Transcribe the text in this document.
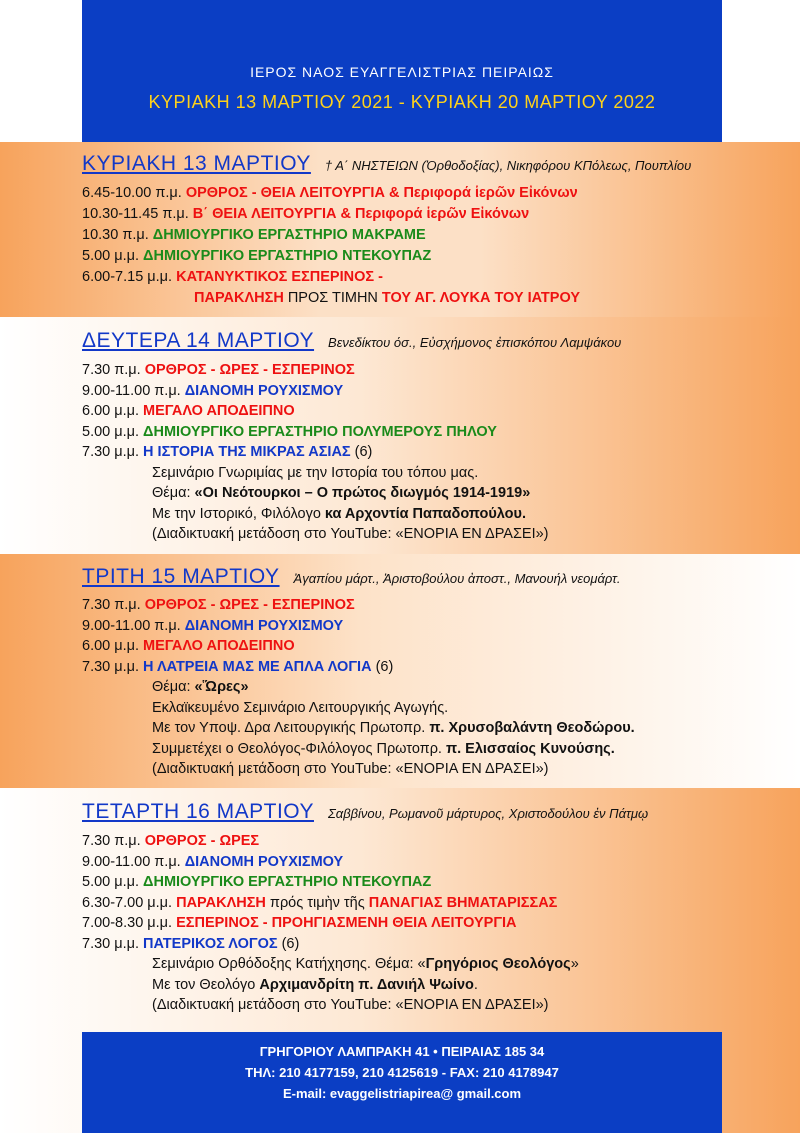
ΙΕΡΟΣ ΝΑΟΣ ΕΥΑΓΓΕΛΙΣΤΡΙΑΣ ΠΕΙΡΑΙΩΣ
ΚΥΡΙΑΚΗ 13 ΜΑΡΤΙΟΥ 2021 - ΚΥΡΙΑΚΗ 20 ΜΑΡΤΙΟΥ 2022
ΚΥΡΙΑΚΗ 13 ΜΑΡΤΙΟΥ † Α΄ ΝΗΣΤΕΙΩΝ (Ὀρθοδοξίας), Νικηφόρου ΚΠόλεως, Πουπλίου
6.45-10.00 π.μ. ΟΡΘΡΟΣ - ΘΕΙΑ ΛΕΙΤΟΥΡΓΙΑ & Περιφορά ἱερῶν Εἰκόνων
10.30-11.45 π.μ. Β΄ ΘΕΙΑ ΛΕΙΤΟΥΡΓΙΑ & Περιφορά ἱερῶν Εἰκόνων
10.30 π.μ. ΔΗΜΙΟΥΡΓΙΚΟ ΕΡΓΑΣΤΗΡΙΟ ΜΑΚΡΑΜΕ
5.00 μ.μ. ΔΗΜΙΟΥΡΓΙΚΟ ΕΡΓΑΣΤΗΡΙΟ ΝΤΕΚΟΥΠΑΖ
6.00-7.15 μ.μ. ΚΑΤΑΝΥΚΤΙΚΟΣ ΕΣΠΕΡΙΝΟΣ -
ΠΑΡΑΚΛΗΣΗ ΠΡΟΣ ΤΙΜΗΝ ΤΟΥ ΑΓ. ΛΟΥΚΑ ΤΟΥ ΙΑΤΡΟΥ
ΔΕΥΤΕΡΑ 14 ΜΑΡΤΙΟΥ Βενεδίκτου όσ., Εὐσχήμονος ἐπισκόπου Λαμψάκου
7.30 π.μ. ΟΡΘΡΟΣ - ΩΡΕΣ - ΕΣΠΕΡΙΝΟΣ
9.00-11.00 π.μ. ΔΙΑΝΟΜΗ ΡΟΥΧΙΣΜΟΥ
6.00 μ.μ. ΜΕΓΑΛΟ ΑΠΟΔΕΙΠΝΟ
5.00 μ.μ. ΔΗΜΙΟΥΡΓΙΚΟ ΕΡΓΑΣΤΗΡΙΟ ΠΟΛΥΜΕΡΟΥΣ ΠΗΛΟΥ
7.30 μ.μ. Η ΙΣΤΟΡΙΑ ΤΗΣ ΜΙΚΡΑΣ ΑΣΙΑΣ (6)
Σεμινάριο Γνωριμίας με την Ιστορία του τόπου μας.
Θέμα: «Οι Νεότουρκοι – Ο πρώτος διωγμός 1914-1919»
Με την Ιστορικό, Φιλόλογο κα Αρχοντία Παπαδοπούλου.
(Διαδικτυακή μετάδοση στο YouTube: «ΕΝΟΡΙΑ ΕΝ ΔΡΑΣΕΙ»)
ΤΡΙΤΗ 15 ΜΑΡΤΙΟΥ Ἀγαπίου μάρτ., Ἀριστοβούλου ἀποστ., Μανουήλ νεομάρτ.
7.30 π.μ. ΟΡΘΡΟΣ - ΩΡΕΣ - ΕΣΠΕΡΙΝΟΣ
9.00-11.00 π.μ. ΔΙΑΝΟΜΗ ΡΟΥΧΙΣΜΟΥ
6.00 μ.μ. ΜΕΓΑΛΟ ΑΠΟΔΕΙΠΝΟ
7.30 μ.μ. Η ΛΑΤΡΕΙΑ ΜΑΣ ΜΕ ΑΠΛΑ ΛΟΓΙΑ (6)
Θέμα: «Ὥρες»
Εκλαϊκευμένο Σεμινάριο Λειτουργικής Αγωγής.
Με τον Υποψ. Δρα Λειτουργικής Πρωτοπρ. π. Χρυσοβαλάντη Θεοδώρου.
Συμμετέχει ο Θεολόγος-Φιλόλογος Πρωτοπρ. π. Ελισσαίος Κυνούσης.
(Διαδικτυακή μετάδοση στο YouTube: «ΕΝΟΡΙΑ ΕΝ ΔΡΑΣΕΙ»)
ΤΕΤΑΡΤΗ 16 ΜΑΡΤΙΟΥ Σαββίνου, Ρωμανοῦ μάρτυρος, Χριστοδούλου ἐν Πάτμῳ
7.30 π.μ. ΟΡΘΡΟΣ - ΩΡΕΣ
9.00-11.00 π.μ. ΔΙΑΝΟΜΗ ΡΟΥΧΙΣΜΟΥ
5.00 μ.μ. ΔΗΜΙΟΥΡΓΙΚΟ ΕΡΓΑΣΤΗΡΙΟ ΝΤΕΚΟΥΠΑΖ
6.30-7.00 μ.μ. ΠΑΡΑΚΛΗΣΗ πρός τιμὴν τῆς ΠΑΝΑΓΙΑΣ ΒΗΜΑΤΑΡΙΣΣΑΣ
7.00-8.30 μ.μ. ΕΣΠΕΡΙΝΟΣ - ΠΡΟΗΓΙΑΣΜΕΝΗ ΘΕΙΑ ΛΕΙΤΟΥΡΓΙΑ
7.30 μ.μ. ΠΑΤΕΡΙΚΟΣ ΛΟΓΟΣ (6)
Σεμινάριο Ορθόδοξης Κατήχησης. Θέμα: «Γρηγόριος Θεολόγος»
Με τον Θεολόγο Αρχιμανδρίτη π. Δανιήλ Ψωίνο.
(Διαδικτυακή μετάδοση στο YouTube: «ΕΝΟΡΙΑ ΕΝ ΔΡΑΣΕΙ»)
ΓΡΗΓΟΡΙΟΥ ΛΑΜΠΡΑΚΗ 41 • ΠΕΙΡΑΙΑΣ 185 34
ΤΗΛ: 210 4177159, 210 4125619 - FAX: 210 4178947
E-mail: evaggelistriapirea@ gmail.com
